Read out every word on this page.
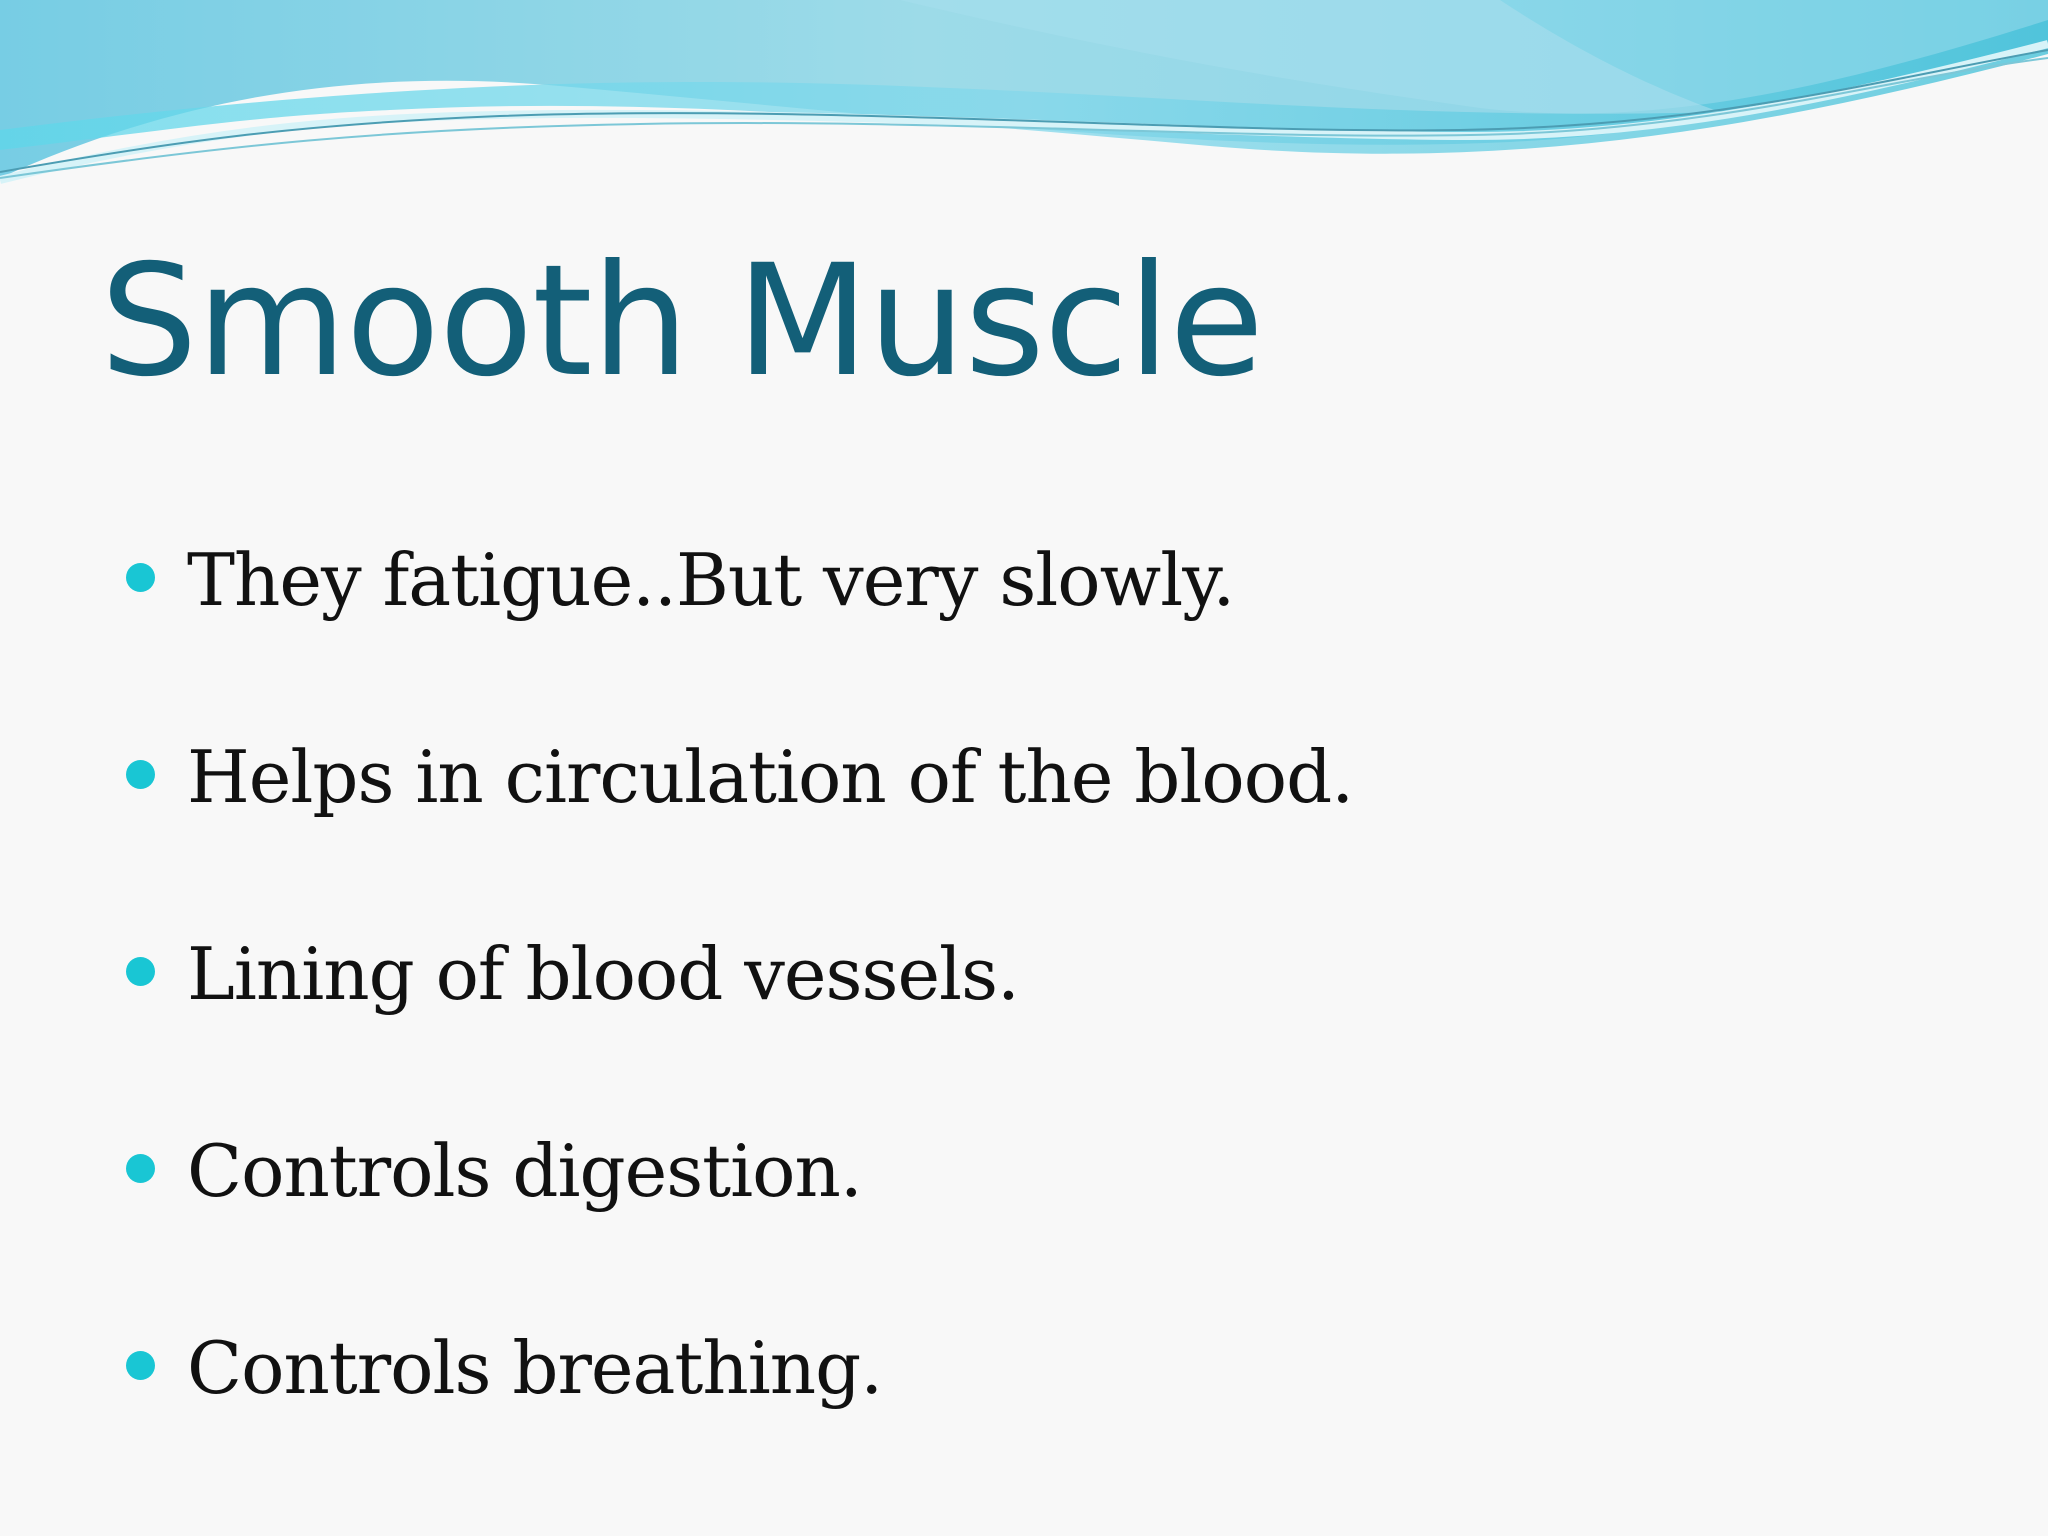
Smooth Muscle
They fatigue..But very slowly.
Helps in circulation of the blood.
Lining of blood vessels.
Controls digestion.
Controls breathing.
